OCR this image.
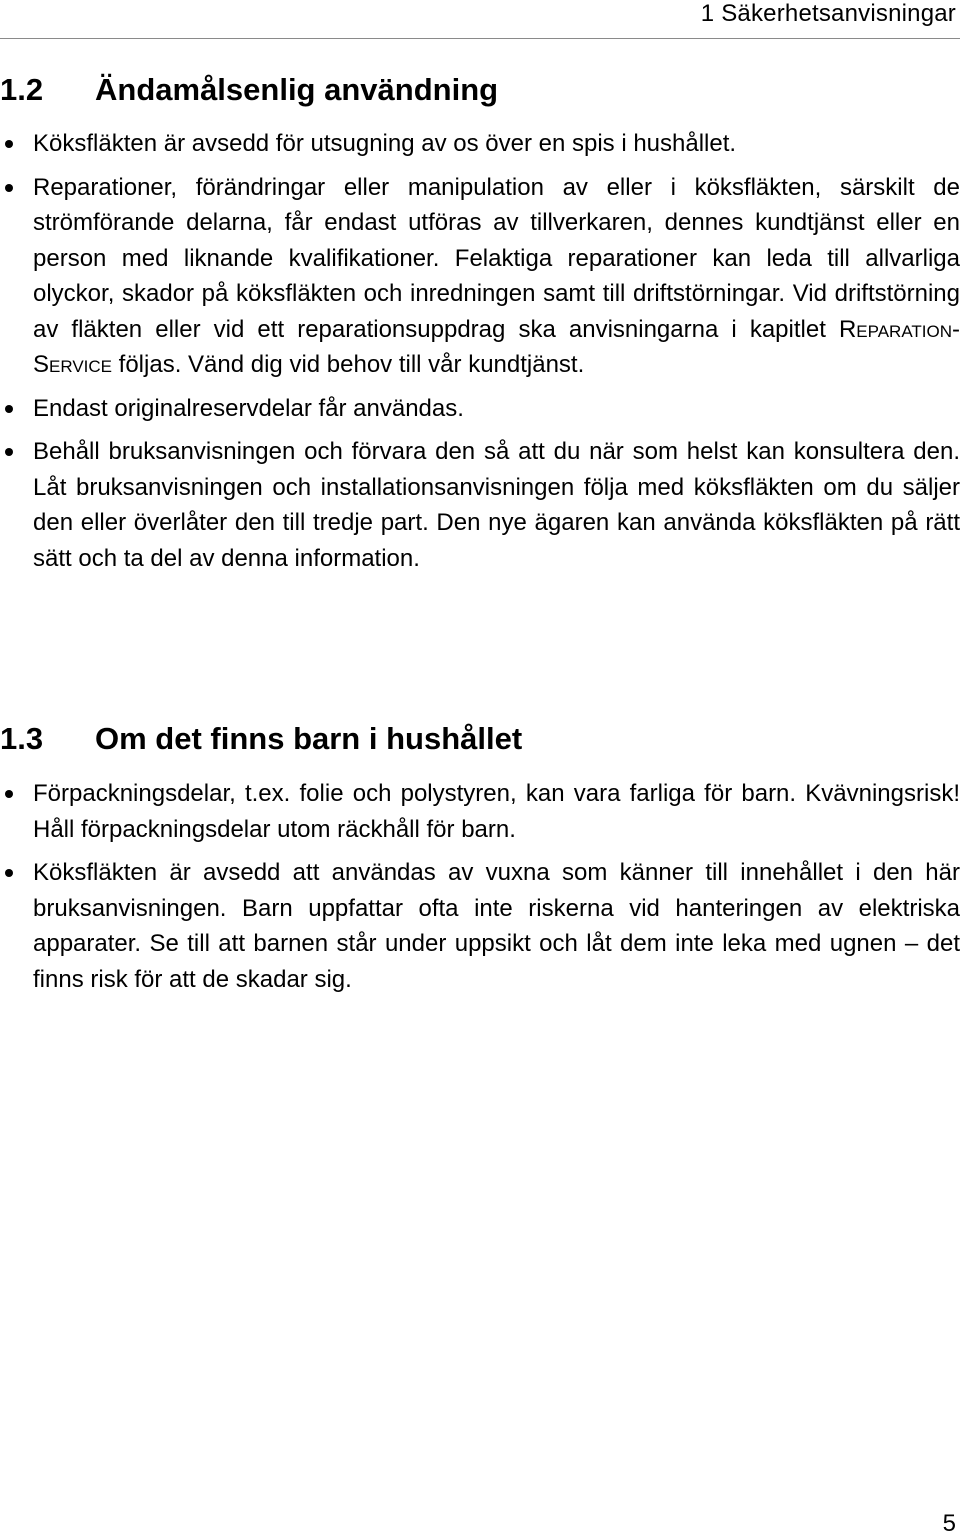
1 Säkerhetsanvisningar
1.2 Ändamålsenlig användning
Köksfläkten är avsedd för utsugning av os över en spis i hushållet.
Reparationer, förändringar eller manipulation av eller i köksfläkten, särskilt de strömförande delarna, får endast utföras av tillverkaren, dennes kundtjänst eller en person med liknande kvalifikationer. Felaktiga reparationer kan leda till allvarliga olyckor, skador på köksfläkten och inredningen samt till driftstörningar. Vid driftstörning av fläkten eller vid ett reparationsuppdrag ska anvisningarna i kapitlet Reparation-Service följas. Vänd dig vid behov till vår kundtjänst.
Endast originalreservdelar får användas.
Behåll bruksanvisningen och förvara den så att du när som helst kan konsultera den. Låt bruksanvisningen och installationsanvisningen följa med köksfläkten om du säljer den eller överlåter den till tredje part. Den nye ägaren kan använda köksfläkten på rätt sätt och ta del av denna information.
1.3 Om det finns barn i hushållet
Förpackningsdelar, t.ex. folie och polystyren, kan vara farliga för barn. Kvävningsrisk! Håll förpackningsdelar utom räckhåll för barn.
Köksfläkten är avsedd att användas av vuxna som känner till innehållet i den här bruksanvisningen. Barn uppfattar ofta inte riskerna vid hanteringen av elektriska apparater. Se till att barnen står under uppsikt och låt dem inte leka med ugnen – det finns risk för att de skadar sig.
5
